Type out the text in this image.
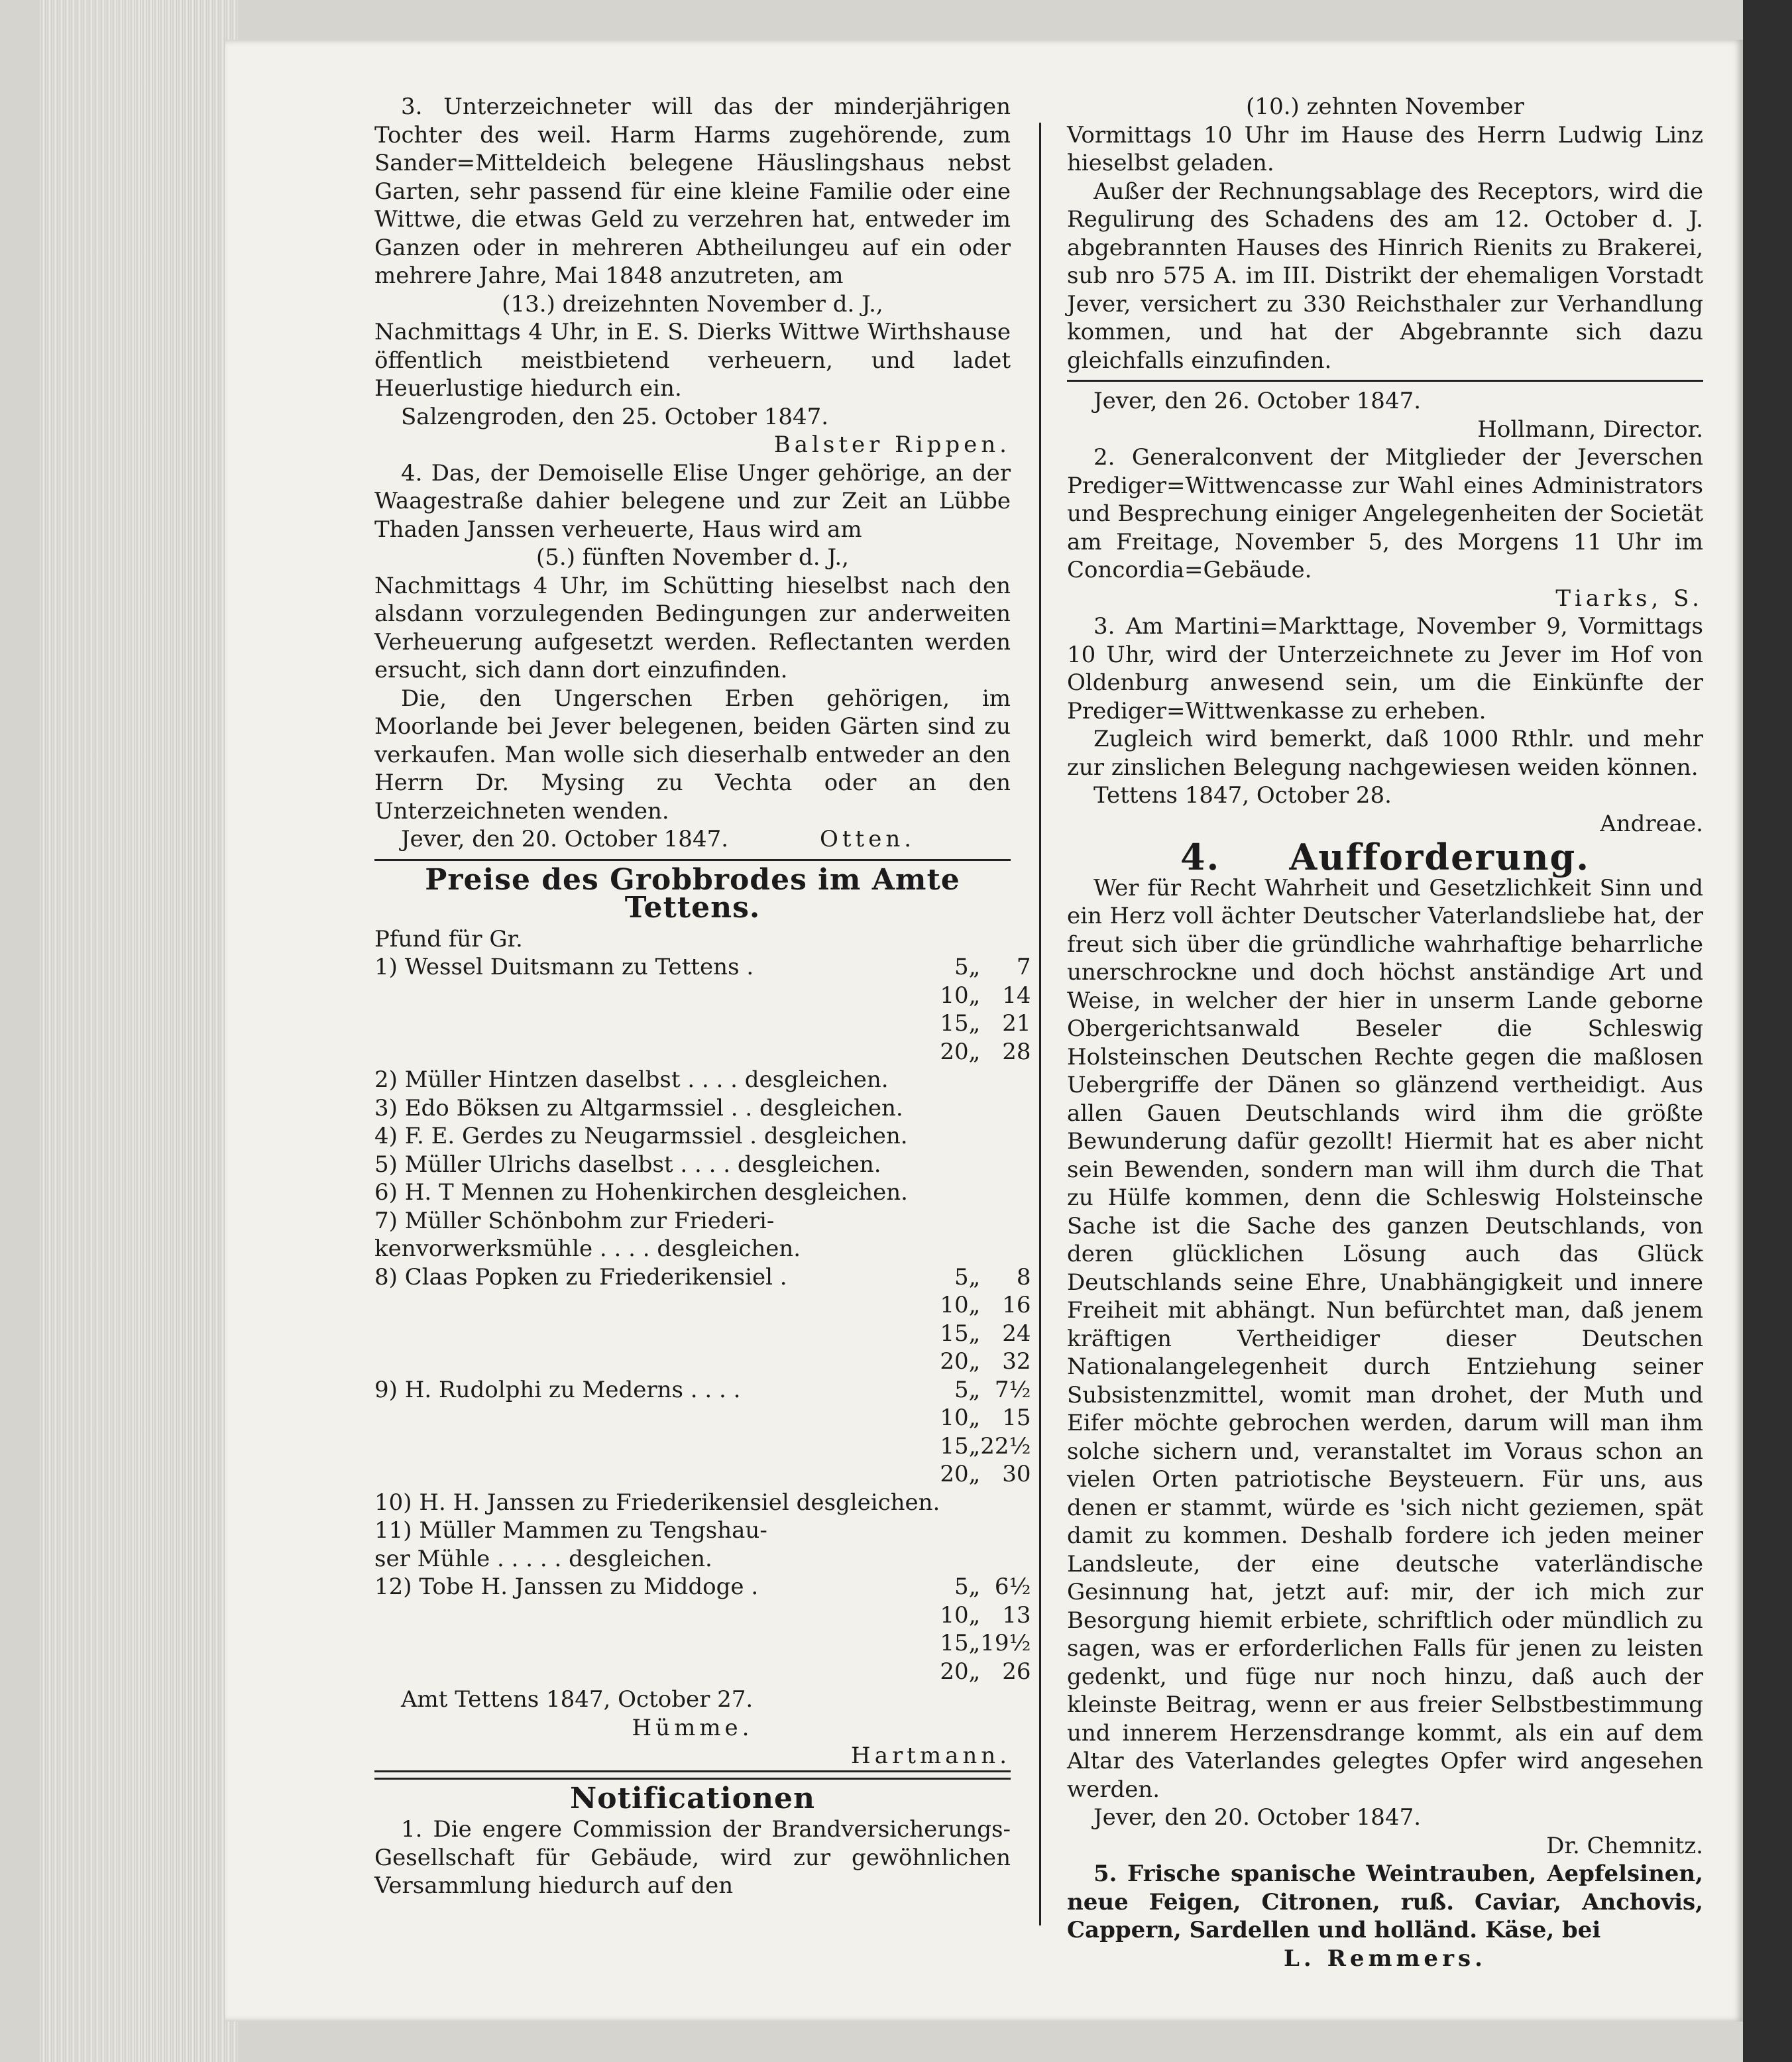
3. Unterzeichneter will das der minderjährigen Tochter des weil. Harm Harms zugehörende, zum Sander=Mitteldeich belegene Häuslingshaus nebst Garten, sehr passend für eine kleine Familie oder eine Wittwe, die etwas Geld zu verzehren hat, entweder im Ganzen oder in mehreren Abtheilungeu auf ein oder mehrere Jahre, Mai 1848 anzutreten, am

(13.) dreizehnten November d. J.,

Nachmittags 4 Uhr, in E. S. Dierks Wittwe Wirthshause öffentlich meistbietend verheuern, und ladet Heuerlustige hiedurch ein.

Salzengroden, den 25. October 1847.

Balster Rippen.

4. Das, der Demoiselle Elise Unger gehörige, an der Waagestraße dahier belegene und zur Zeit an Lübbe Thaden Janssen verheuerte, Haus wird am

(5.) fünften November d. J.,

Nachmittags 4 Uhr, im Schütting hieselbst nach den alsdann vorzulegenden Bedingungen zur anderweiten Verheuerung aufgesetzt werden. Reflectanten werden ersucht, sich dann dort einzufinden.

Die, den Ungerschen Erben gehörigen, im Moorlande bei Jever belegenen, beiden Gärten sind zu verkaufen. Man wolle sich dieserhalb entweder an den Herrn Dr. Mysing zu Vechta oder an den Unterzeichneten wenden.

Jever, den 20. October 1847.	Otten.
Preise des Grobbrodes im Amte Tettens.

Pfund für Gr.

1) Wessel Duitsmann zu Tettens .	5	„	7
	10	„	14
	15	„	21
	20	„	28
2) Müller Hintzen daselbst . . . . desgleichen.			
3) Edo Böksen zu Altgarmssiel . . desgleichen.			
4) F. E. Gerdes zu Neugarmssiel . desgleichen.			
5) Müller Ulrichs daselbst . . . . desgleichen.			
6) H. T Mennen zu Hohenkirchen desgleichen.			
7) Müller Schönbohm zur Friederi-			
kenvorwerksmühle . . . . desgleichen.			
8) Claas Popken zu Friederikensiel .	5	„	8
	10	„	16
	15	„	24
	20	„	32
9) H. Rudolphi zu Mederns . . . .	5	„	7½
	10	„	15
	15	„	22½
	20	„	30
10) H. H. Janssen zu Friederikensiel desgleichen.			
11) Müller Mammen zu Tengshau-			
ser Mühle . . . . . desgleichen.			
12) Tobe H. Janssen zu Middoge .	5	„	6½
	10	„	13
	15	„	19½
	20	„	26

Amt Tettens 1847, October 27.

Hümme.

Hartmann.

Notificationen

1. Die engere Commission der Brandversicherungs-Gesellschaft für Gebäude, wird zur gewöhnlichen Versammlung hiedurch auf den

(10.) zehnten November

Vormittags 10 Uhr im Hause des Herrn Ludwig Linz hieselbst geladen.

Außer der Rechnungsablage des Receptors, wird die Regulirung des Schadens des am 12. October d. J. abgebrannten Hauses des Hinrich Rienits zu Brakerei, sub nro 575 A. im III. Distrikt der ehemaligen Vorstadt Jever, versichert zu 330 Reichsthaler zur Verhandlung kommen, und hat der Abgebrannte sich dazu gleichfalls einzufinden.

Jever, den 26. October 1847.

Hollmann, Director.

2. Generalconvent der Mitglieder der Jeverschen Prediger=Wittwencasse zur Wahl eines Administrators und Besprechung einiger Angelegenheiten der Societät am Freitage, November 5, des Morgens 11 Uhr im Concordia=Gebäude.

Tiarks, S.

3. Am Martini=Markttage, November 9, Vormittags 10 Uhr, wird der Unterzeichnete zu Jever im Hof von Oldenburg anwesend sein, um die Einkünfte der Prediger=Wittwenkasse zu erheben.

Zugleich wird bemerkt, daß 1000 Rthlr. und mehr zur zinslichen Belegung nachgewiesen weiden können.

Tettens 1847, October 28.

Andreae.

4. Aufforderung.

Wer für Recht Wahrheit und Gesetzlichkeit Sinn und ein Herz voll ächter Deutscher Vaterlandsliebe hat, der freut sich über die gründliche wahrhaftige beharrliche unerschrockne und doch höchst anständige Art und Weise, in welcher der hier in unserm Lande geborne Obergerichtsanwald Beseler die Schleswig Holsteinschen Deutschen Rechte gegen die maßlosen Uebergriffe der Dänen so glänzend vertheidigt. Aus allen Gauen Deutschlands wird ihm die größte Bewunderung dafür gezollt! Hiermit hat es aber nicht sein Bewenden, sondern man will ihm durch die That zu Hülfe kommen, denn die Schleswig Holsteinsche Sache ist die Sache des ganzen Deutschlands, von deren glücklichen Lösung auch das Glück Deutschlands seine Ehre, Unabhängigkeit und innere Freiheit mit abhängt. Nun befürchtet man, daß jenem kräftigen Vertheidiger dieser Deutschen Nationalangelegenheit durch Entziehung seiner Subsistenzmittel, womit man drohet, der Muth und Eifer möchte gebrochen werden, darum will man ihm solche sichern und, veranstaltet im Voraus schon an vielen Orten patriotische Beysteuern. Für uns, aus denen er stammt, würde es 'sich nicht geziemen, spät damit zu kommen. Deshalb fordere ich jeden meiner Landsleute, der eine deutsche vaterländische Gesinnung hat, jetzt auf: mir, der ich mich zur Besorgung hiemit erbiete, schriftlich oder mündlich zu sagen, was er erforderlichen Falls für jenen zu leisten gedenkt, und füge nur noch hinzu, daß auch der kleinste Beitrag, wenn er aus freier Selbstbestimmung und innerem Herzensdrange kommt, als ein auf dem Altar des Vaterlandes gelegtes Opfer wird angesehen werden.

Jever, den 20. October 1847.

Dr. Chemnitz.

5. Frische spanische Weintrauben, Aepfelsinen, neue Feigen, Citronen, ruß. Caviar, Anchovis, Cappern, Sardellen und holländ. Käse, bei

L. Remmers.
